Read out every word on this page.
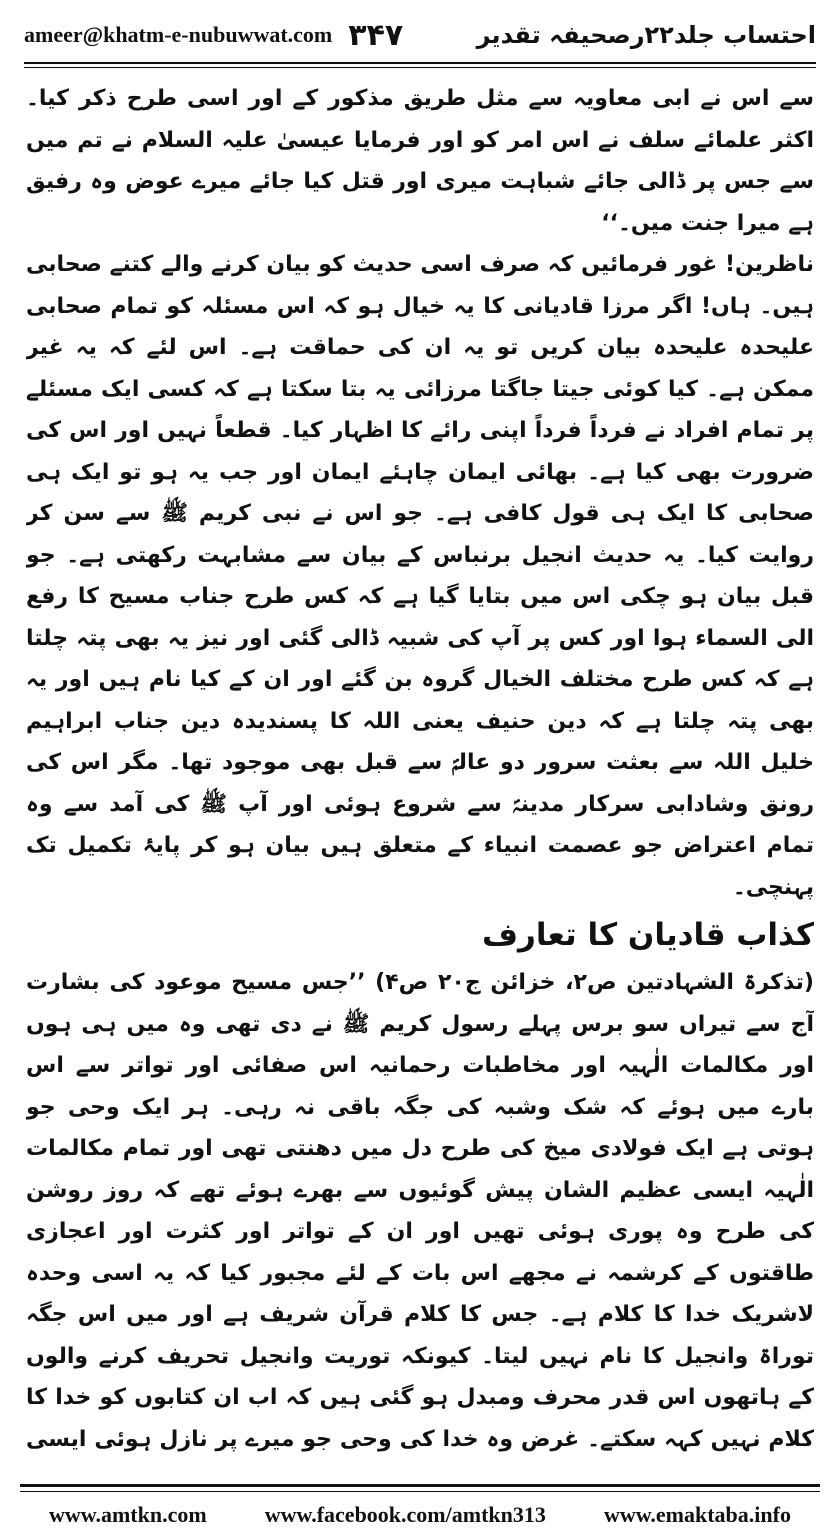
ameer@khatm-e-nubuwwat.com ۳۴۷	احتساب جلد۲۲رصحیفہ تقدیر

سے اس نے ابی معاویہ سے مثل طریق مذکور کے اور اسی طرح ذکر کیا۔ اکثر علمائے سلف نے اس امر کو اور فرمایا عیسیٰ علیہ السلام نے تم میں سے جس پر ڈالی جائے شباہت میری اور قتل کیا جائے میرے عوض وہ رفیق ہے میرا جنت میں۔‘‘

ناظرین! غور فرمائیں کہ صرف اسی حدیث کو بیان کرنے والے کتنے صحابی ہیں۔ ہاں! اگر مرزا قادیانی کا یہ خیال ہو کہ اس مسئلہ کو تمام صحابی علیحدہ علیحدہ بیان کریں تو یہ ان کی حماقت ہے۔ اس لئے کہ یہ غیر ممکن ہے۔ کیا کوئی جیتا جاگتا مرزائی یہ بتا سکتا ہے کہ کسی ایک مسئلے پر تمام افراد نے فرداً فرداً اپنی رائے کا اظہار کیا۔ قطعاً نہیں اور اس کی ضرورت بھی کیا ہے۔ بھائی ایمان چاہئے ایمان اور جب یہ ہو تو ایک ہی صحابی کا ایک ہی قول کافی ہے۔ جو اس نے نبی کریم ﷺ سے سن کر روایت کیا۔ یہ حدیث انجیل برنباس کے بیان سے مشابہت رکھتی ہے۔ جو قبل بیان ہو چکی اس میں بتایا گیا ہے کہ کس طرح جناب مسیح کا رفع الی السماء ہوا اور کس پر آپ کی شبیہ ڈالی گئی اور نیز یہ بھی پتہ چلتا ہے کہ کس طرح مختلف الخیال گروہ بن گئے اور ان کے کیا نام ہیں اور یہ بھی پتہ چلتا ہے کہ دین حنیف یعنی اللہ کا پسندیدہ دین جناب ابراہیم خلیل اللہ سے بعثت سرور دو عالمؐ سے قبل بھی موجود تھا۔ مگر اس کی رونق وشادابی سرکار مدینہؐ سے شروع ہوئی اور آپ ﷺ کی آمد سے وہ تمام اعتراض جو عصمت انبیاء کے متعلق ہیں بیان ہو کر پایۂ تکمیل تک پہنچی۔

کذاب قادیان کا تعارف

(تذکرۃ الشہادتین ص۲، خزائن ج۲۰ ص۴) ’’جس مسیح موعود کی بشارت آج سے تیراں سو برس پہلے رسول کریم ﷺ نے دی تھی وہ میں ہی ہوں اور مکالمات الٰہیہ اور مخاطبات رحمانیہ اس صفائی اور تواتر سے اس بارے میں ہوئے کہ شک وشبہ کی جگہ باقی نہ رہی۔ ہر ایک وحی جو ہوتی ہے ایک فولادی میخ کی طرح دل میں دھنتی تھی اور تمام مکالمات الٰہیہ ایسی عظیم الشان پیش گوئیوں سے بھرے ہوئے تھے کہ روز روشن کی طرح وہ پوری ہوئی تھیں اور ان کے تواتر اور کثرت اور اعجازی طاقتوں کے کرشمہ نے مجھے اس بات کے لئے مجبور کیا کہ یہ اسی وحدہ لاشریک خدا کا کلام ہے۔ جس کا کلام قرآن شریف ہے اور میں اس جگہ توراۃ وانجیل کا نام نہیں لیتا۔ کیونکہ توریت وانجیل تحریف کرنے والوں کے ہاتھوں اس قدر محرف ومبدل ہو گئی ہیں کہ اب ان کتابوں کو خدا کا کلام نہیں کہہ سکتے۔ غرض وہ خدا کی وحی جو میرے پر نازل ہوئی ایسی

www.amtkn.com	www.facebook.com/amtkn313	www.emaktaba.info
